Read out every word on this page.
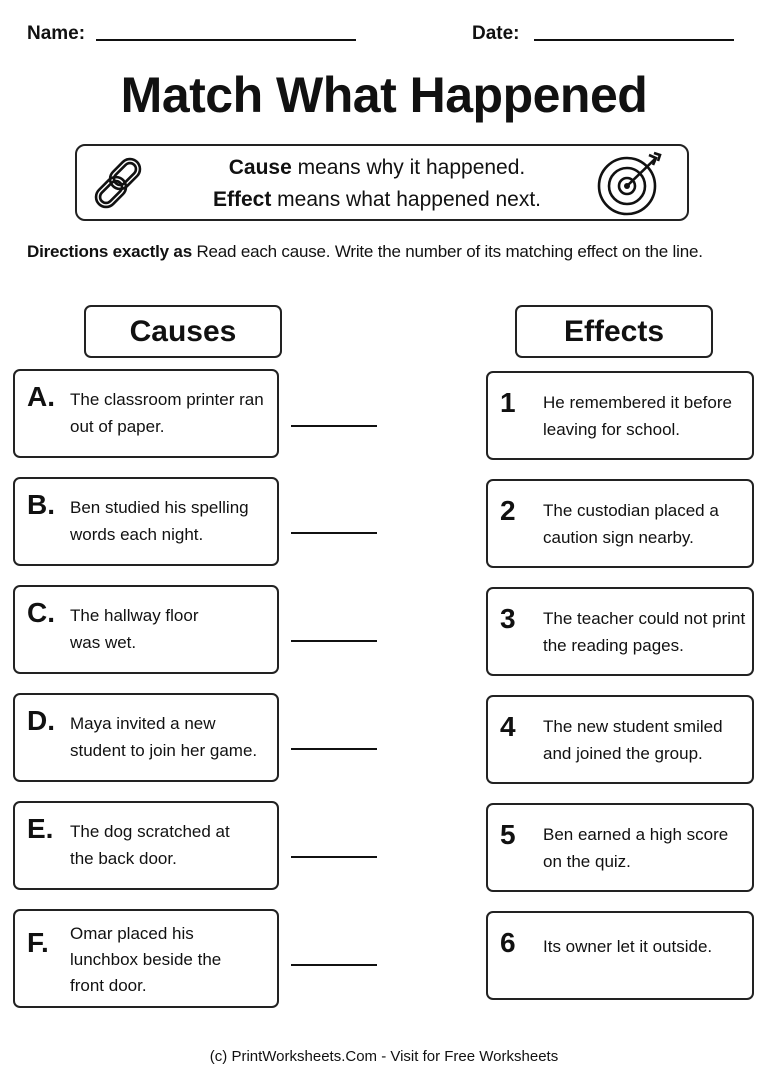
Name:	Date:
Match What Happened
Cause means why it happened.
Effect means what happened next.
Directions exactly as Read each cause. Write the number of its matching effect on the line.
Causes	Effects
A. The classroom printer ran out of paper.
B. Ben studied his spelling words each night.
C. The hallway floor was wet.
D. Maya invited a new student to join her game.
E. The dog scratched at the back door.
F. Omar placed his lunchbox beside the front door.
1 He remembered it before leaving for school.
2 The custodian placed a caution sign nearby.
3 The teacher could not print the reading pages.
4 The new student smiled and joined the group.
5 Ben earned a high score on the quiz.
6 Its owner let it outside.
(c) PrintWorksheets.Com - Visit for Free Worksheets
